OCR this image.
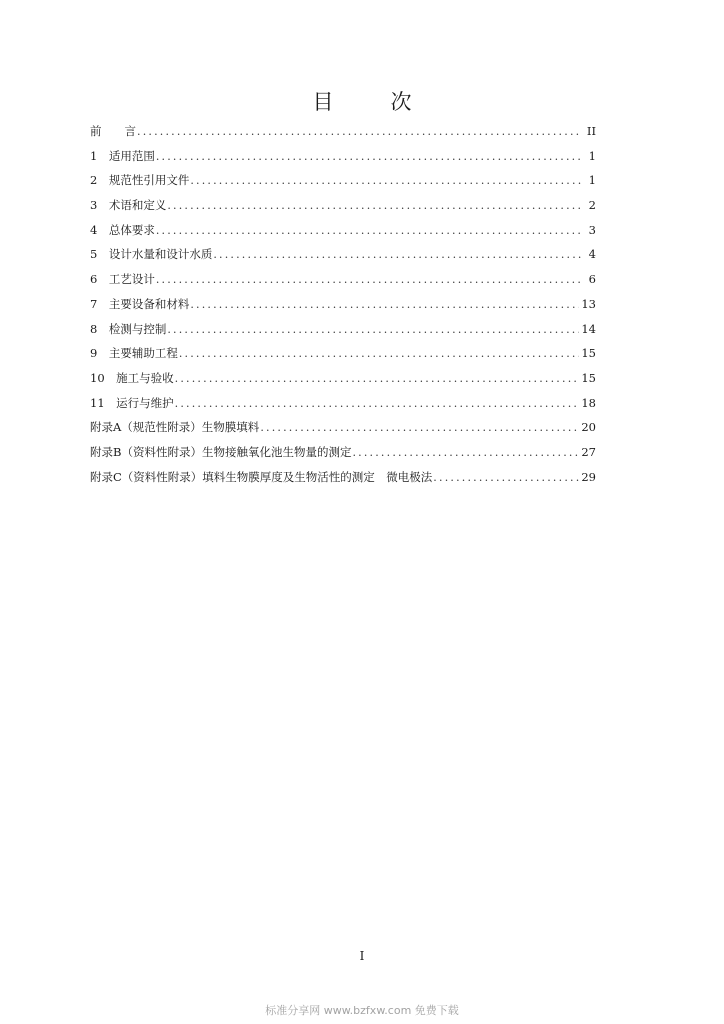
目　次
前　　言 .....	II
1　适用范围 .....	1
2　规范性引用文件 .....	1
3　术语和定义 .....	2
4　总体要求 .....	3
5　设计水量和设计水质 .....	4
6　工艺设计 .....	6
7　主要设备和材料 .....	13
8　检测与控制 .....	14
9　主要辅助工程 .....	15
10　施工与验收 .....	15
11　运行与维护 .....	18
附录A（规范性附录）生物膜填料 .....	20
附录B（资料性附录）生物接触氧化池生物量的测定 .....	27
附录C（资料性附录）填料生物膜厚度及生物活性的测定　微电极法 .....	29
I
标准分享网 www.bzfxw.com 免费下载
